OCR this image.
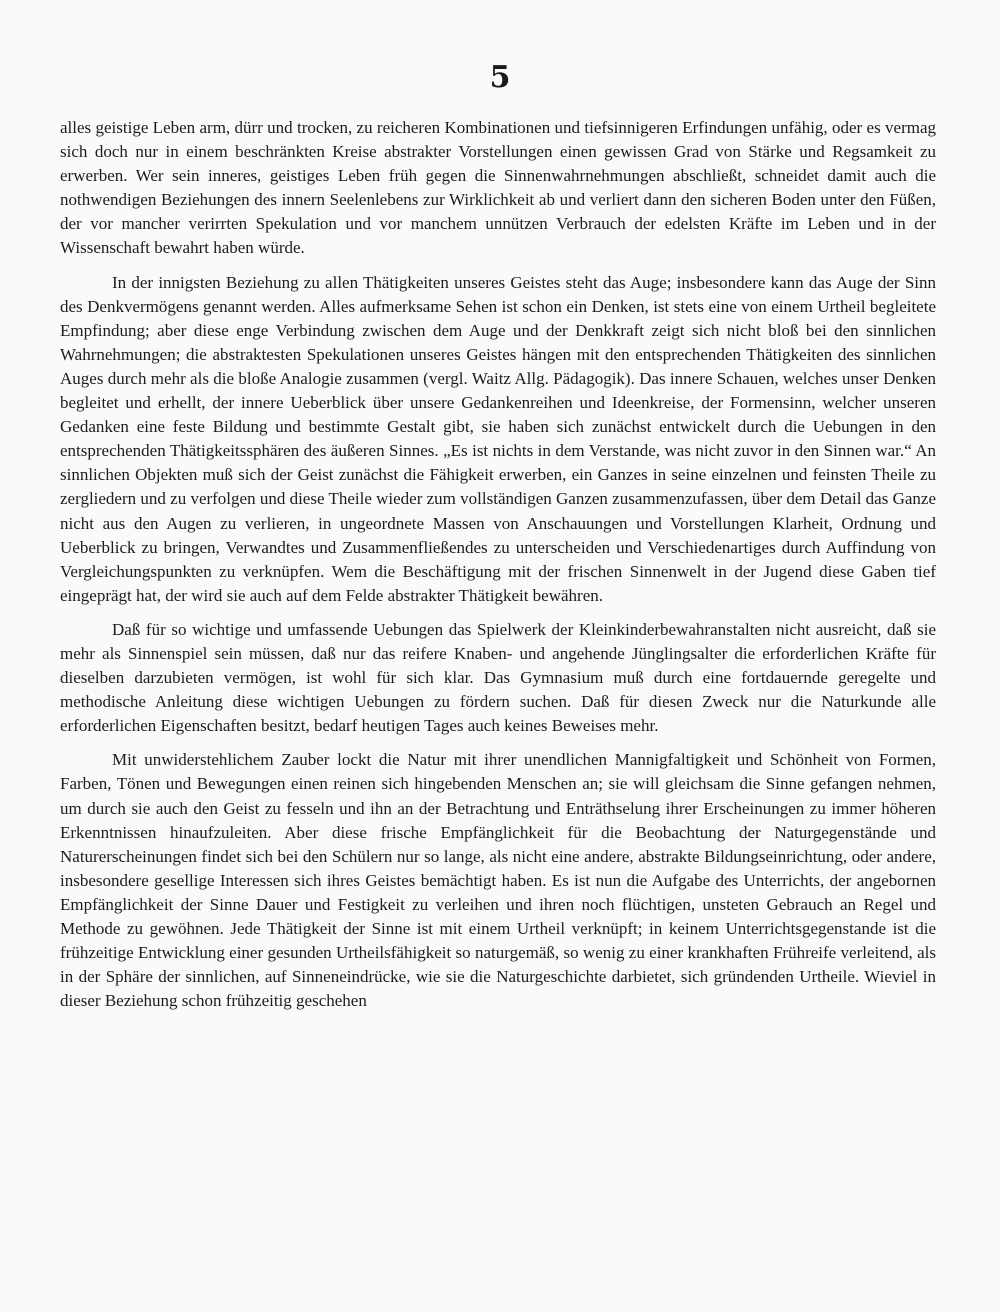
5

alles geistige Leben arm, dürr und trocken, zu reicheren Kombinationen und tiefsinnigeren Erfindungen unfähig, oder es vermag sich doch nur in einem beschränkten Kreise abstrakter Vorstellungen einen gewissen Grad von Stärke und Regsamkeit zu erwerben. Wer sein inneres, geistiges Leben früh gegen die Sinnenwahrnehmungen abschließt, schneidet damit auch die nothwendigen Beziehungen des innern Seelenlebens zur Wirklichkeit ab und verliert dann den sicheren Boden unter den Füßen, der vor mancher verirrten Spekulation und vor manchem unnützen Verbrauch der edelsten Kräfte im Leben und in der Wissenschaft bewahrt haben würde.

In der innigsten Beziehung zu allen Thätigkeiten unseres Geistes steht das Auge; insbesondere kann das Auge der Sinn des Denkvermögens genannt werden. Alles aufmerksame Sehen ist schon ein Denken, ist stets eine von einem Urtheil begleitete Empfindung; aber diese enge Verbindung zwischen dem Auge und der Denkkraft zeigt sich nicht bloß bei den sinnlichen Wahrnehmungen; die abstraktesten Spekulationen unseres Geistes hängen mit den entsprechenden Thätigkeiten des sinnlichen Auges durch mehr als die bloße Analogie zusammen (vergl. Waitz Allg. Pädagogik). Das innere Schauen, welches unser Denken begleitet und erhellt, der innere Ueberblick über unsere Gedankenreihen und Ideenkreise, der Formensinn, welcher unseren Gedanken eine feste Bildung und bestimmte Gestalt gibt, sie haben sich zunächst entwickelt durch die Uebungen in den entsprechenden Thätigkeitssphären des äußeren Sinnes. „Es ist nichts in dem Verstande, was nicht zuvor in den Sinnen war.“ An sinnlichen Objekten muß sich der Geist zunächst die Fähigkeit erwerben, ein Ganzes in seine einzelnen und feinsten Theile zu zergliedern und zu verfolgen und diese Theile wieder zum vollständigen Ganzen zusammenzufassen, über dem Detail das Ganze nicht aus den Augen zu verlieren, in ungeordnete Massen von Anschauungen und Vorstellungen Klarheit, Ordnung und Ueberblick zu bringen, Verwandtes und Zusammenfließendes zu unterscheiden und Verschiedenartiges durch Auffindung von Vergleichungspunkten zu verknüpfen. Wem die Beschäftigung mit der frischen Sinnenwelt in der Jugend diese Gaben tief eingeprägt hat, der wird sie auch auf dem Felde abstrakter Thätigkeit bewähren.

Daß für so wichtige und umfassende Uebungen das Spielwerk der Kleinkinderbewahranstalten nicht ausreicht, daß sie mehr als Sinnenspiel sein müssen, daß nur das reifere Knaben- und angehende Jünglingsalter die erforderlichen Kräfte für dieselben darzubieten vermögen, ist wohl für sich klar. Das Gymnasium muß durch eine fortdauernde geregelte und methodische Anleitung diese wichtigen Uebungen zu fördern suchen. Daß für diesen Zweck nur die Naturkunde alle erforderlichen Eigenschaften besitzt, bedarf heutigen Tages auch keines Beweises mehr.

Mit unwiderstehlichem Zauber lockt die Natur mit ihrer unendlichen Mannigfaltigkeit und Schönheit von Formen, Farben, Tönen und Bewegungen einen reinen sich hingebenden Menschen an; sie will gleichsam die Sinne gefangen nehmen, um durch sie auch den Geist zu fesseln und ihn an der Betrachtung und Enträthselung ihrer Erscheinungen zu immer höheren Erkenntnissen hinaufzuleiten. Aber diese frische Empfänglichkeit für die Beobachtung der Naturgegenstände und Naturerscheinungen findet sich bei den Schülern nur so lange, als nicht eine andere, abstrakte Bildungseinrichtung, oder andere, insbesondere gesellige Interessen sich ihres Geistes bemächtigt haben. Es ist nun die Aufgabe des Unterrichts, der angebornen Empfänglichkeit der Sinne Dauer und Festigkeit zu verleihen und ihren noch flüchtigen, unsteten Gebrauch an Regel und Methode zu gewöhnen. Jede Thätigkeit der Sinne ist mit einem Urtheil verknüpft; in keinem Unterrichtsgegenstande ist die frühzeitige Entwicklung einer gesunden Urtheilsfähigkeit so naturgemäß, so wenig zu einer krankhaften Frühreife verleitend, als in der Sphäre der sinnlichen, auf Sinneneindrücke, wie sie die Naturgeschichte darbietet, sich gründenden Urtheile. Wieviel in dieser Beziehung schon frühzeitig geschehen
